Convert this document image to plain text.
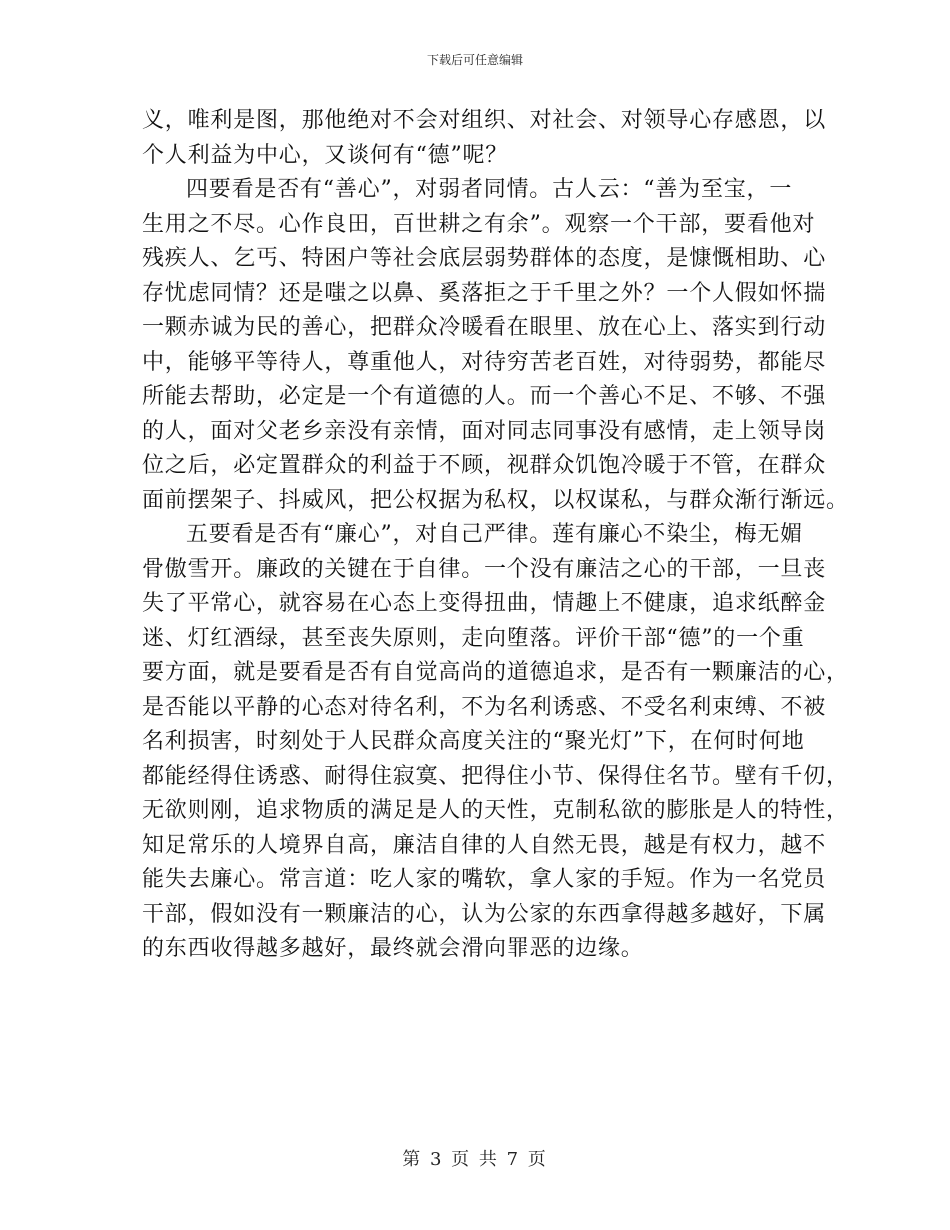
下载后可任意编辑
义，唯利是图，那他绝对不会对组织、对社会、对领导心存感恩，以
个人利益为中心，又谈何有“德”呢？
四要看是否有“善心”，对弱者同情。古人云：“善为至宝，一
生用之不尽。心作良田，百世耕之有余”。观察一个干部，要看他对
残疾人、乞丐、特困户等社会底层弱势群体的态度，是慷慨相助、心
存忧虑同情？还是嗤之以鼻、奚落拒之于千里之外？一个人假如怀揣
一颗赤诚为民的善心，把群众冷暖看在眼里、放在心上、落实到行动
中，能够平等待人，尊重他人，对待穷苦老百姓，对待弱势，都能尽
所能去帮助，必定是一个有道德的人。而一个善心不足、不够、不强
的人，面对父老乡亲没有亲情，面对同志同事没有感情，走上领导岗
位之后，必定置群众的利益于不顾，视群众饥饱冷暖于不管，在群众
面前摆架子、抖威风，把公权据为私权，以权谋私，与群众渐行渐远。
五要看是否有“廉心”，对自己严律。莲有廉心不染尘，梅无媚
骨傲雪开。廉政的关键在于自律。一个没有廉洁之心的干部，一旦丧
失了平常心，就容易在心态上变得扭曲，情趣上不健康，追求纸醉金
迷、灯红酒绿，甚至丧失原则，走向堕落。评价干部“德”的一个重
要方面，就是要看是否有自觉高尚的道德追求，是否有一颗廉洁的心，
是否能以平静的心态对待名利，不为名利诱惑、不受名利束缚、不被
名利损害，时刻处于人民群众高度关注的“聚光灯”下，在何时何地
都能经得住诱惑、耐得住寂寞、把得住小节、保得住名节。壁有千仞，
无欲则刚，追求物质的满足是人的天性，克制私欲的膨胀是人的特性，
知足常乐的人境界自高，廉洁自律的人自然无畏，越是有权力，越不
能失去廉心。常言道：吃人家的嘴软，拿人家的手短。作为一名党员
干部，假如没有一颗廉洁的心，认为公家的东西拿得越多越好，下属
的东西收得越多越好，最终就会滑向罪恶的边缘。
第 3 页 共 7 页
